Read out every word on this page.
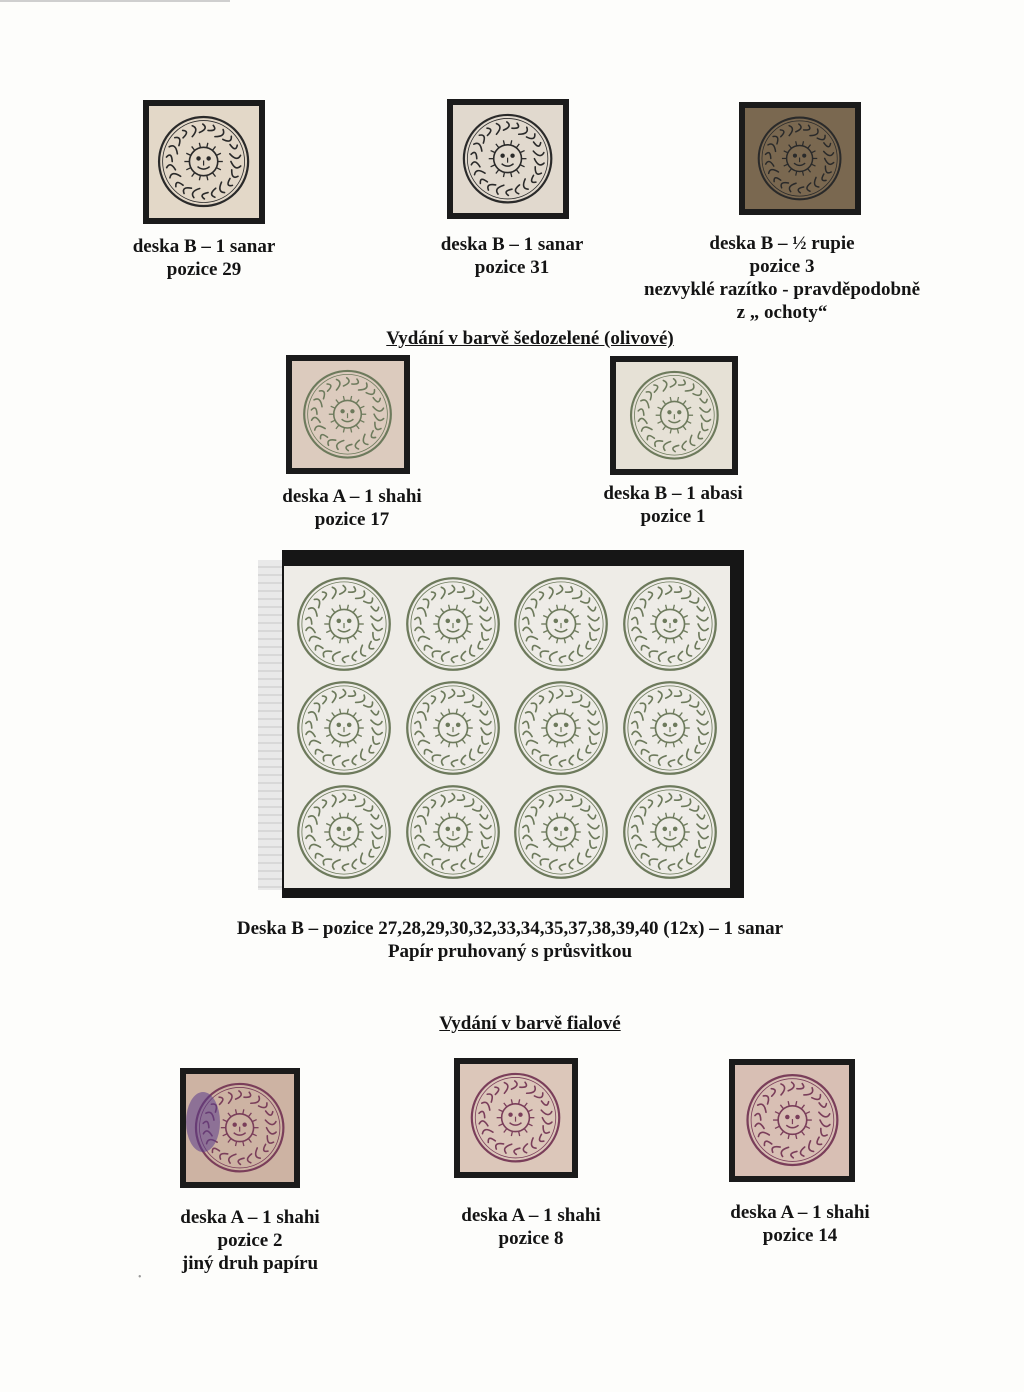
deska B – 1 sanar
pozice 29
deska B – 1 sanar
pozice 31
deska B – ½ rupie
pozice 3
nezvyklé razítko - pravděpodobně
z „ ochoty“
Vydání v barvě šedozelené (olivové)
deska A – 1 shahi
pozice 17
deska B – 1 abasi
pozice 1
Deska B – pozice 27,28,29,30,32,33,34,35,37,38,39,40 (12x) – 1 sanar
Papír pruhovaný s průsvitkou
Vydání v barvě fialové
deska A – 1 shahi
pozice 2
jiný druh papíru
deska A – 1 shahi
pozice 8
deska A – 1 shahi
pozice 14
•
